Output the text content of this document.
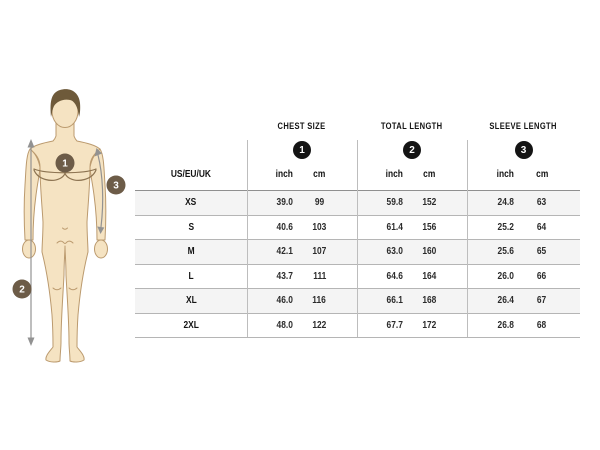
1
2
3
CHEST SIZE	TOTAL LENGTH	SLEEVE LENGTH
1	2	3
US/EU/UK	inch cm	inch cm	inch cm
XS	39.0 99	59.8 152	24.8 63
S	40.6 103	61.4 156	25.2 64
M	42.1 107	63.0 160	25.6 65
L	43.7 111	64.6 164	26.0 66
XL	46.0 116	66.1 168	26.4 67
2XL	48.0 122	67.7 172	26.8 68
